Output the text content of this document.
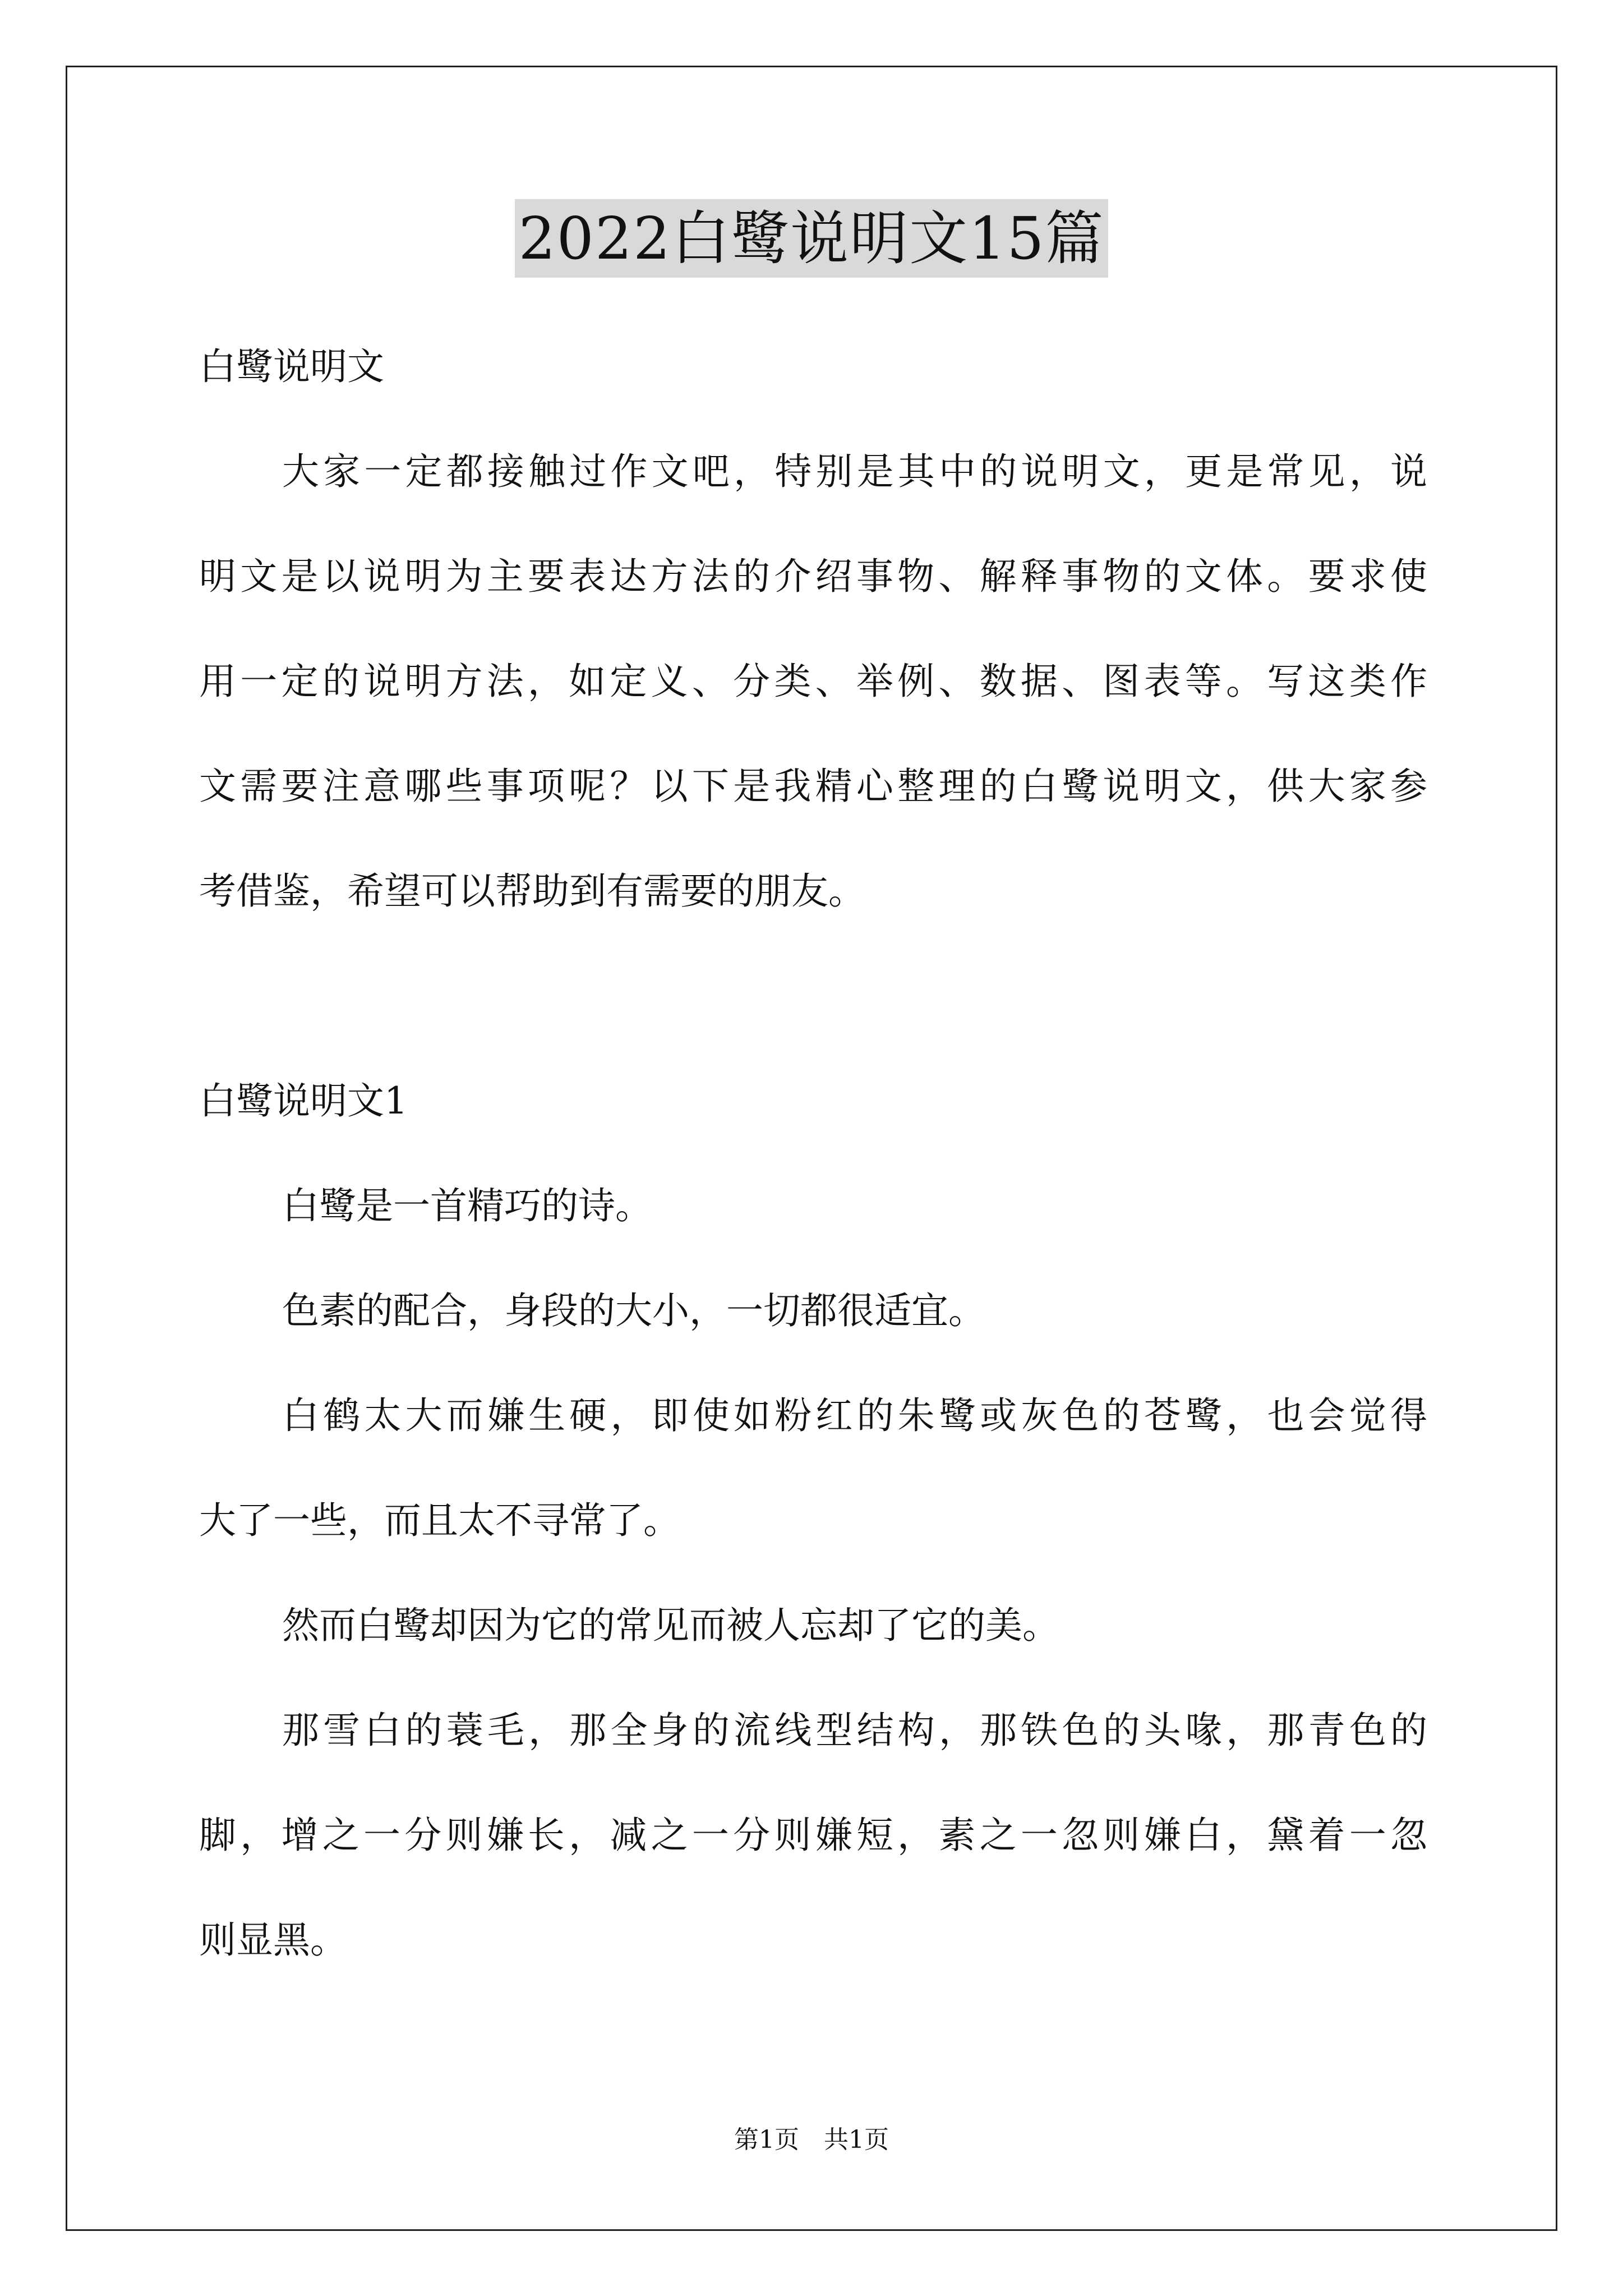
2022白鹭说明文15篇
白鹭说明文
大家一定都接触过作文吧，特别是其中的说明文，更是常见，说
明文是以说明为主要表达方法的介绍事物、解释事物的文体。要求使
用一定的说明方法，如定义、分类、举例、数据、图表等。写这类作
文需要注意哪些事项呢？以下是我精心整理的白鹭说明文，供大家参
考借鉴，希望可以帮助到有需要的朋友。
白鹭说明文1
白鹭是一首精巧的诗。
色素的配合，身段的大小，一切都很适宜。
白鹤太大而嫌生硬，即使如粉红的朱鹭或灰色的苍鹭，也会觉得
大了一些，而且太不寻常了。
然而白鹭却因为它的常见而被人忘却了它的美。
那雪白的蓑毛，那全身的流线型结构，那铁色的头喙，那青色的
脚，增之一分则嫌长，减之一分则嫌短，素之一忽则嫌白，黛着一忽
则显黑。
第1页　共1页
